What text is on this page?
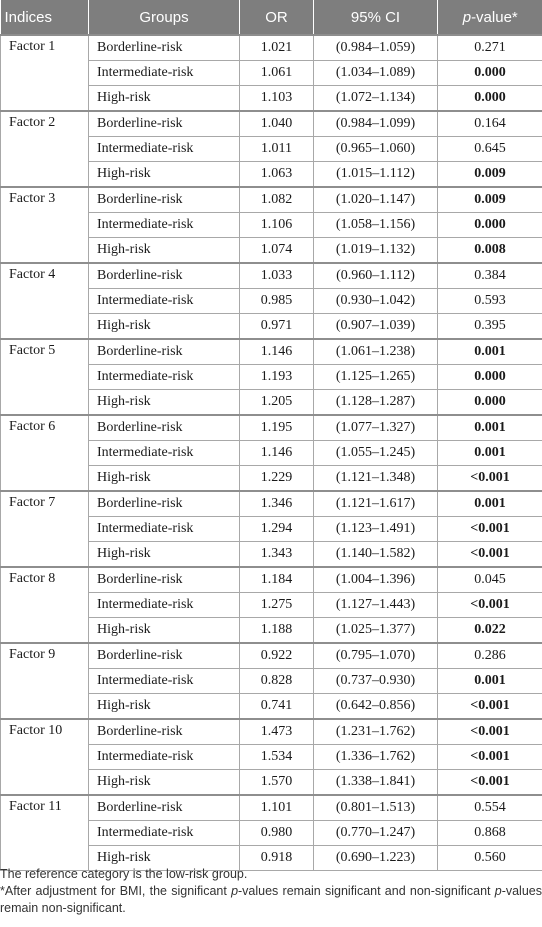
Indices	Groups	OR	95% CI	p-value*
Factor 1	Borderline-risk	1.021	(0.984–1.059)	0.271
	Intermediate-risk	1.061	(1.034–1.089)	0.000
	High-risk	1.103	(1.072–1.134)	0.000
Factor 2	Borderline-risk	1.040	(0.984–1.099)	0.164
	Intermediate-risk	1.011	(0.965–1.060)	0.645
	High-risk	1.063	(1.015–1.112)	0.009
Factor 3	Borderline-risk	1.082	(1.020–1.147)	0.009
	Intermediate-risk	1.106	(1.058–1.156)	0.000
	High-risk	1.074	(1.019–1.132)	0.008
Factor 4	Borderline-risk	1.033	(0.960–1.112)	0.384
	Intermediate-risk	0.985	(0.930–1.042)	0.593
	High-risk	0.971	(0.907–1.039)	0.395
Factor 5	Borderline-risk	1.146	(1.061–1.238)	0.001
	Intermediate-risk	1.193	(1.125–1.265)	0.000
	High-risk	1.205	(1.128–1.287)	0.000
Factor 6	Borderline-risk	1.195	(1.077–1.327)	0.001
	Intermediate-risk	1.146	(1.055–1.245)	0.001
	High-risk	1.229	(1.121–1.348)	<0.001
Factor 7	Borderline-risk	1.346	(1.121–1.617)	0.001
	Intermediate-risk	1.294	(1.123–1.491)	<0.001
	High-risk	1.343	(1.140–1.582)	<0.001
Factor 8	Borderline-risk	1.184	(1.004–1.396)	0.045
	Intermediate-risk	1.275	(1.127–1.443)	<0.001
	High-risk	1.188	(1.025–1.377)	0.022
Factor 9	Borderline-risk	0.922	(0.795–1.070)	0.286
	Intermediate-risk	0.828	(0.737–0.930)	0.001
	High-risk	0.741	(0.642–0.856)	<0.001
Factor 10	Borderline-risk	1.473	(1.231–1.762)	<0.001
	Intermediate-risk	1.534	(1.336–1.762)	<0.001
	High-risk	1.570	(1.338–1.841)	<0.001
Factor 11	Borderline-risk	1.101	(0.801–1.513)	0.554
	Intermediate-risk	0.980	(0.770–1.247)	0.868
	High-risk	0.918	(0.690–1.223)	0.560

The reference category is the low-risk group.

*After adjustment for BMI, the significant p-values remain significant and non-significant p-values remain non-significant.
